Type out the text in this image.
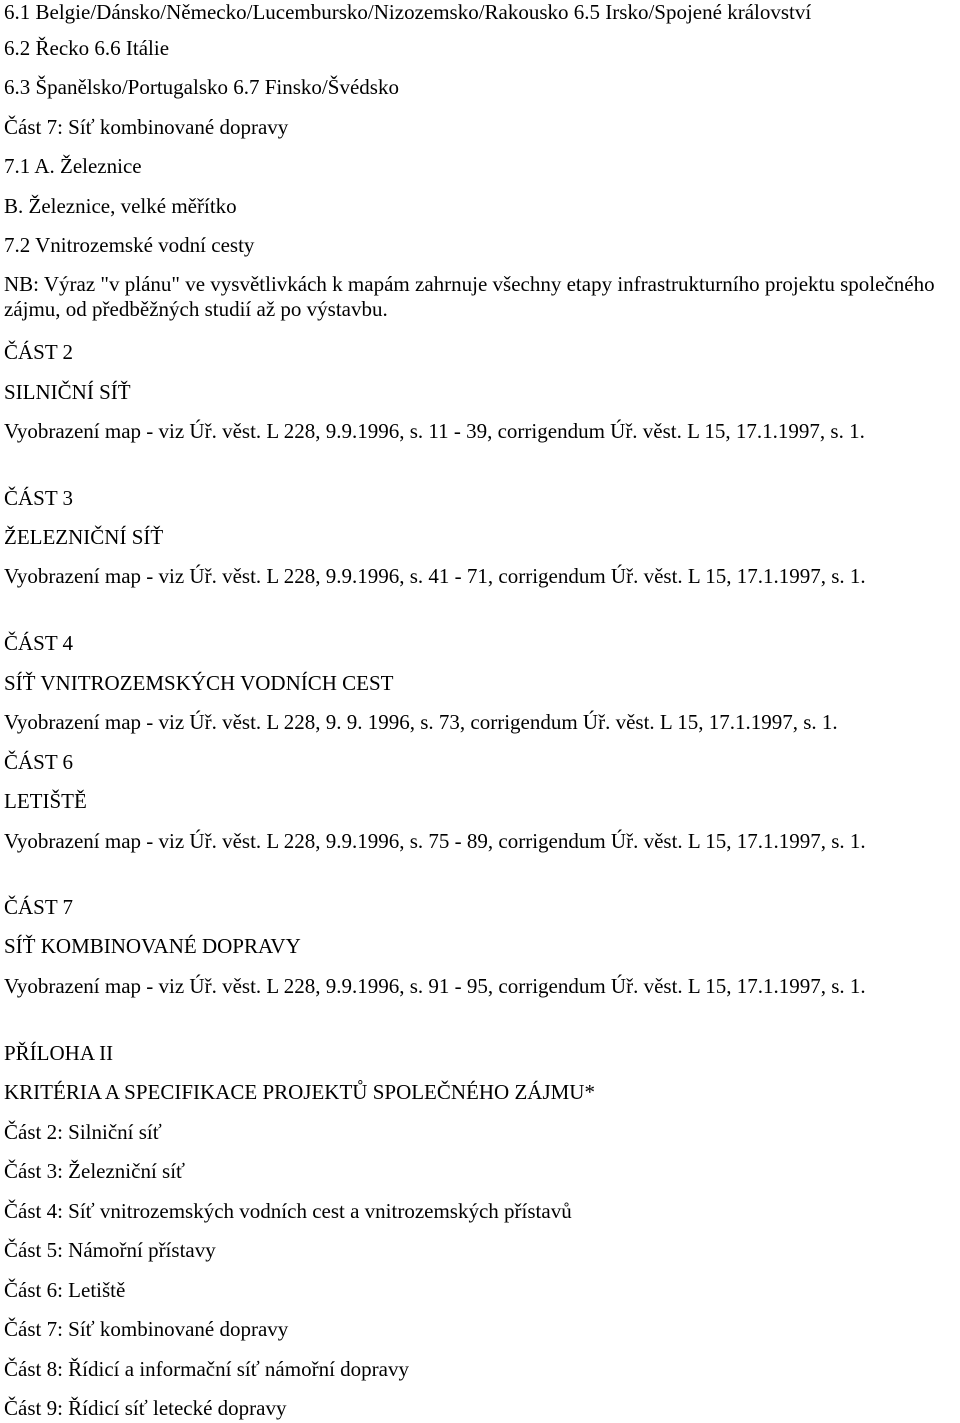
6.1 Belgie/Dánsko/Německo/Lucembursko/Nizozemsko/Rakousko 6.5 Irsko/Spojené království
6.2 Řecko 6.6 Itálie
6.3 Španělsko/Portugalsko 6.7 Finsko/Švédsko
Část 7: Síť kombinované dopravy
7.1 A. Železnice
B. Železnice, velké měřítko
7.2 Vnitrozemské vodní cesty
NB: Výraz "v plánu" ve vysvětlivkách k mapám zahrnuje všechny etapy infrastrukturního projektu společného zájmu, od předběžných studií až po výstavbu.
ČÁST 2
SILNIČNÍ SÍŤ
Vyobrazení map - viz Úř. věst. L 228, 9.9.1996, s. 11 - 39, corrigendum Úř. věst. L 15, 17.1.1997, s. 1.
ČÁST 3
ŽELEZNIČNÍ SÍŤ
Vyobrazení map - viz Úř. věst. L 228, 9.9.1996, s. 41 - 71, corrigendum Úř. věst. L 15, 17.1.1997, s. 1.
ČÁST 4
SÍŤ VNITROZEMSKÝCH VODNÍCH CEST
Vyobrazení map - viz Úř. věst. L 228, 9. 9. 1996, s. 73, corrigendum Úř. věst. L 15, 17.1.1997, s. 1.
ČÁST 6
LETIŠTĚ
Vyobrazení map - viz Úř. věst. L 228, 9.9.1996, s. 75 - 89, corrigendum Úř. věst. L 15, 17.1.1997, s. 1.
ČÁST 7
SÍŤ KOMBINOVANÉ DOPRAVY
Vyobrazení map - viz Úř. věst. L 228, 9.9.1996, s. 91 - 95, corrigendum Úř. věst. L 15, 17.1.1997, s. 1.
PŘÍLOHA II
KRITÉRIA A SPECIFIKACE PROJEKTŮ SPOLEČNÉHO ZÁJMU*
Část 2: Silniční síť
Část 3: Železniční síť
Část 4: Síť vnitrozemských vodních cest a vnitrozemských přístavů
Část 5: Námořní přístavy
Část 6: Letiště
Část 7: Síť kombinované dopravy
Část 8: Řídicí a informační síť námořní dopravy
Část 9: Řídicí síť letecké dopravy
